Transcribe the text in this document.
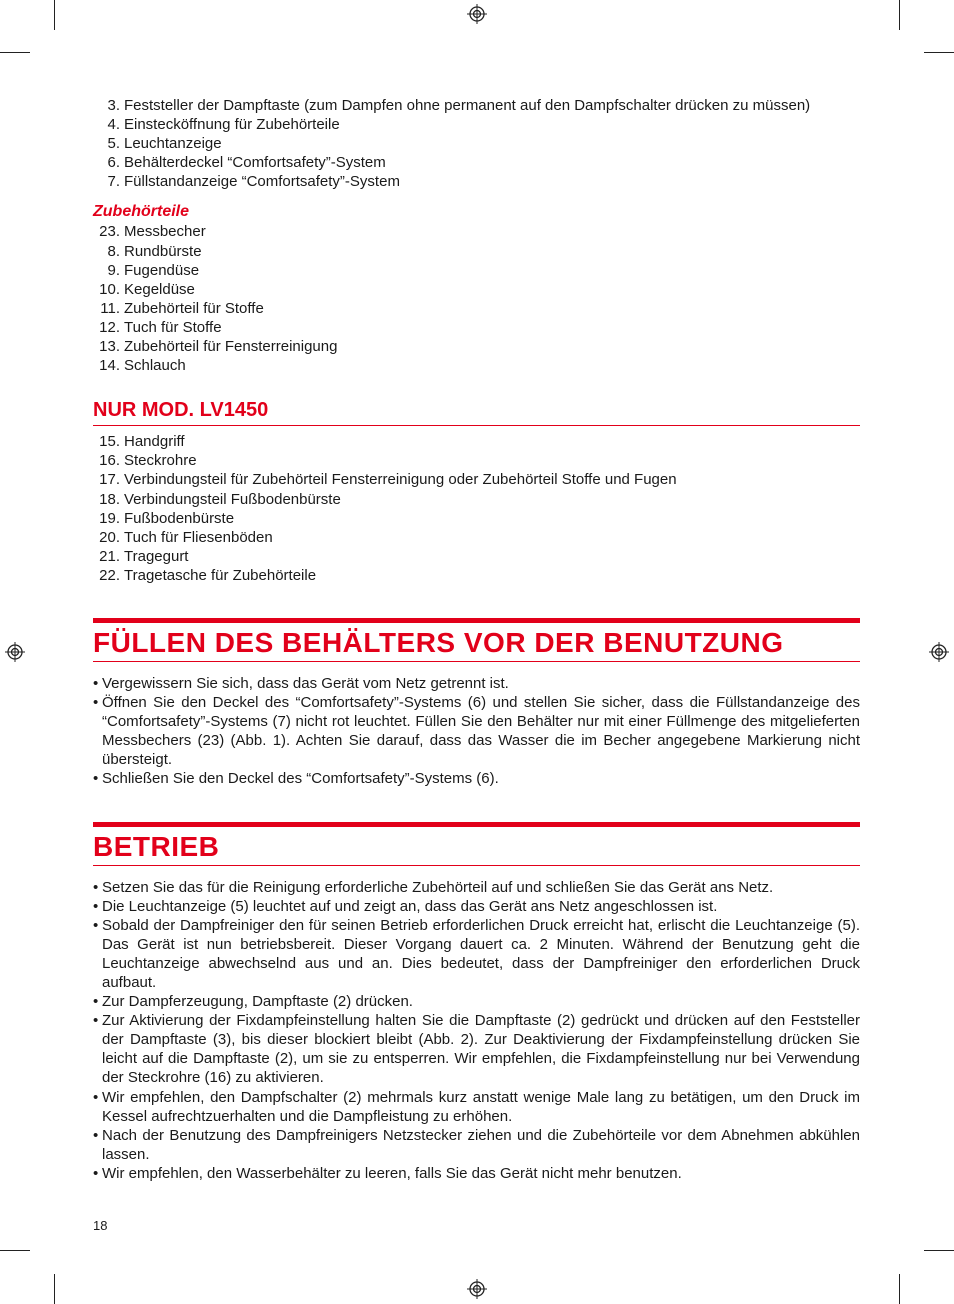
3. Feststeller der Dampftaste (zum Dampfen ohne permanent auf den Dampfschalter drücken zu müssen)
4. Einstecköffnung für Zubehörteile
5. Leuchtanzeige
6. Behälterdeckel “Comfortsafety”-System
7. Füllstandanzeige “Comfortsafety”-System
Zubehörteile
23. Messbecher
8. Rundbürste
9. Fugendüse
10. Kegeldüse
11. Zubehörteil für Stoffe
12. Tuch für Stoffe
13. Zubehörteil für Fensterreinigung
14. Schlauch
NUR MOD. LV1450
15. Handgriff
16. Steckrohre
17. Verbindungsteil für Zubehörteil Fensterreinigung oder Zubehörteil Stoffe und Fugen
18. Verbindungsteil Fußbodenbürste
19. Fußbodenbürste
20. Tuch für Fliesenböden
21. Tragegurt
22. Tragetasche für Zubehörteile
FÜLLEN DES BEHÄLTERS VOR DER BENUTZUNG
• Vergewissern Sie sich, dass das Gerät vom Netz getrennt ist.
• Öffnen Sie den Deckel des “Comfortsafety”-Systems (6) und stellen Sie sicher, dass die Füllstandanzeige des “Comfortsafety”-Systems (7) nicht rot leuchtet. Füllen Sie den Behälter nur mit einer Füllmenge des mitgelieferten Messbechers (23) (Abb. 1). Achten Sie darauf, dass das Wasser die im Becher angegebene Markierung nicht übersteigt.
• Schließen Sie den Deckel des “Comfortsafety”-Systems (6).
BETRIEB
• Setzen Sie das für die Reinigung erforderliche Zubehörteil auf und schließen Sie das Gerät ans Netz.
• Die Leuchtanzeige (5) leuchtet auf und zeigt an, dass das Gerät ans Netz angeschlossen ist.
• Sobald der Dampfreiniger den für seinen Betrieb erforderlichen Druck erreicht hat, erlischt die Leuchtanzeige (5). Das Gerät ist nun betriebsbereit. Dieser Vorgang dauert ca. 2 Minuten. Während der Benutzung geht die Leuchtanzeige abwechselnd aus und an. Dies bedeutet, dass der Dampfreiniger den erforderlichen Druck aufbaut.
• Zur Dampferzeugung, Dampftaste (2) drücken.
• Zur Aktivierung der Fixdampfeinstellung halten Sie die Dampftaste (2) gedrückt und drücken auf den Feststeller der Dampftaste (3), bis dieser blockiert bleibt (Abb. 2). Zur Deaktivierung der Fixdampfeinstellung drücken Sie leicht auf die Dampftaste (2), um sie zu entsperren. Wir empfehlen, die Fixdampfeinstellung nur bei Verwendung der Steckrohre (16) zu aktivieren.
• Wir empfehlen, den Dampfschalter (2) mehrmals kurz anstatt wenige Male lang zu betätigen, um den Druck im Kessel aufrechtzuerhalten und die Dampfleistung zu erhöhen.
• Nach der Benutzung des Dampfreinigers Netzstecker ziehen und die Zubehörteile vor dem Abnehmen abkühlen lassen.
• Wir empfehlen, den Wasserbehälter zu leeren, falls Sie das Gerät nicht mehr benutzen.
18
